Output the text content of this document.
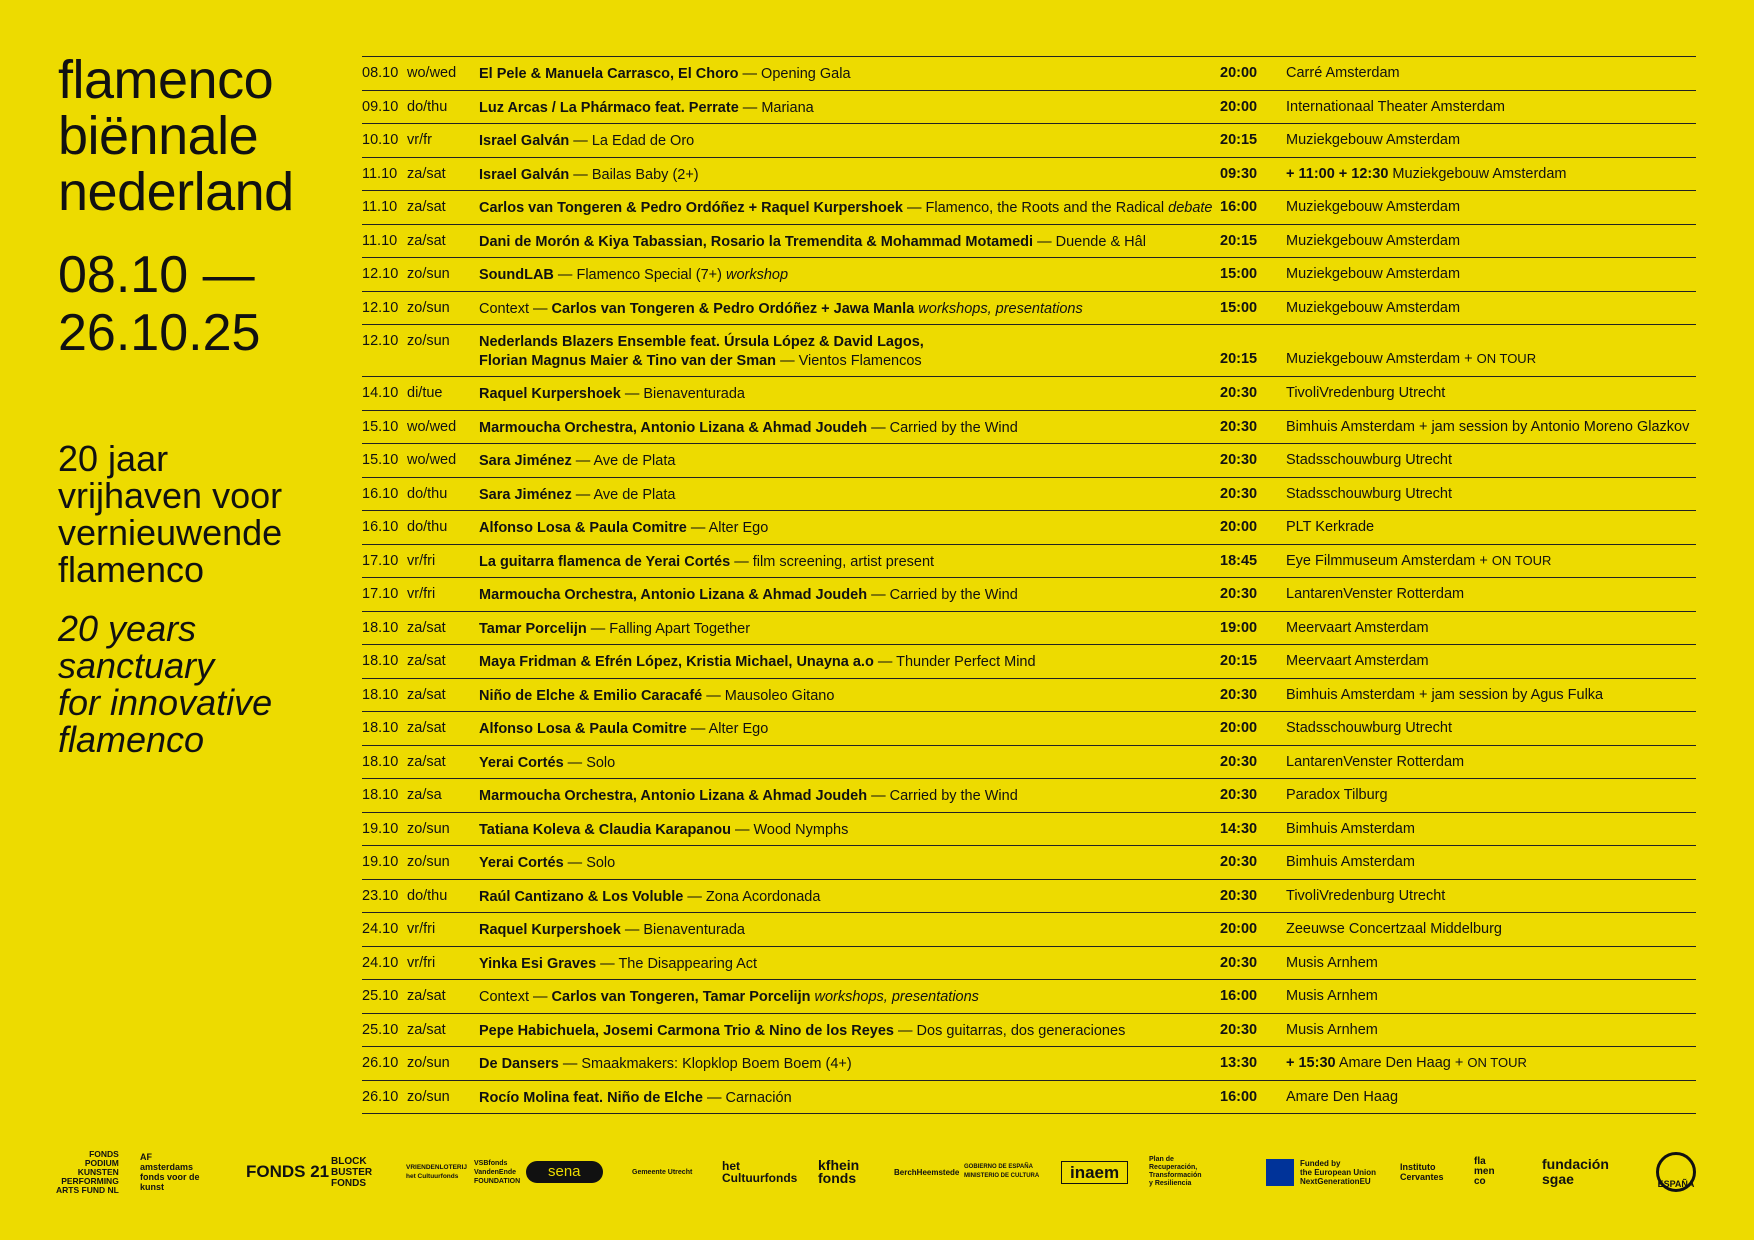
flamenco
biënnale
nederland
08.10 —
26.10.25
20 jaar
vrijhaven voor
vernieuwende
flamenco
20 years
sanctuary
for innovative
flamenco
08.10 wo/wed El Pele & Manuela Carrasco, El Choro — Opening Gala	20:00 Carré Amsterdam
09.10 do/thu Luz Arcas / La Phármaco feat. Perrate — Mariana	20:00 Internationaal Theater Amsterdam
10.10 vr/fr	Israel Galván — La Edad de Oro	20:15 Muziekgebouw Amsterdam
11.10 za/sat Israel Galván — Bailas Baby (2+)	09:30 + 11:00 + 12:30 Muziekgebouw Amsterdam
11.10 za/sat Carlos van Tongeren & Pedro Ordóñez + Raquel Kurpershoek — Flamenco, the Roots and the Radical debate 16:00 Muziekgebouw Amsterdam
11.10 za/sat Dani de Morón & Kiya Tabassian, Rosario la Tremendita & Mohammad Motamedi — Duende & Hâl	20:15 Muziekgebouw Amsterdam
12.10 zo/sun SoundLAB — Flamenco Special (7+) workshop	15:00 Muziekgebouw Amsterdam
12.10 zo/sun Context — Carlos van Tongeren & Pedro Ordóñez + Jawa Manla workshops, presentations	15:00 Muziekgebouw Amsterdam
12.10 zo/sun Nederlands Blazers Ensemble feat. Úrsula López & David Lagos,
Florian Magnus Maier & Tino van der Sman — Vientos Flamencos	20:15 Muziekgebouw Amsterdam + ON TOUR
14.10 di/tue	Raquel Kurpershoek — Bienaventurada	20:30 TivoliVredenburg Utrecht
15.10 wo/wed Marmoucha Orchestra, Antonio Lizana & Ahmad Joudeh — Carried by the Wind	20:30 Bimhuis Amsterdam + jam session by Antonio Moreno Glazkov
15.10 wo/wed Sara Jiménez — Ave de Plata	20:30 Stadsschouwburg Utrecht
16.10 do/thu Sara Jiménez — Ave de Plata	20:30 Stadsschouwburg Utrecht
16.10 do/thu Alfonso Losa & Paula Comitre — Alter Ego	20:00 PLT Kerkrade
17.10 vr/fri	La guitarra flamenca de Yerai Cortés — film screening, artist present	18:45 Eye Filmmuseum Amsterdam + ON TOUR
17.10 vr/fri	Marmoucha Orchestra, Antonio Lizana & Ahmad Joudeh — Carried by the Wind	20:30 LantarenVenster Rotterdam
18.10 za/sat Tamar Porcelijn — Falling Apart Together	19:00 Meervaart Amsterdam
18.10 za/sat Maya Fridman & Efrén López, Kristia Michael, Unayna a.o — Thunder Perfect Mind	20:15 Meervaart Amsterdam
18.10 za/sat Niño de Elche & Emilio Caracafé — Mausoleo Gitano	20:30 Bimhuis Amsterdam + jam session by Agus Fulka
18.10 za/sat Alfonso Losa & Paula Comitre — Alter Ego	20:00 Stadsschouwburg Utrecht
18.10 za/sat Yerai Cortés — Solo	20:30 LantarenVenster Rotterdam
18.10 za/sa	Marmoucha Orchestra, Antonio Lizana & Ahmad Joudeh — Carried by the Wind	20:30 Paradox Tilburg
19.10 zo/sun Tatiana Koleva & Claudia Karapanou — Wood Nymphs	14:30 Bimhuis Amsterdam
19.10 zo/sun Yerai Cortés — Solo	20:30 Bimhuis Amsterdam
23.10 do/thu Raúl Cantizano & Los Voluble — Zona Acordonada	20:30 TivoliVredenburg Utrecht
24.10 vr/fri	Raquel Kurpershoek — Bienaventurada	20:00 Zeeuwse Concertzaal Middelburg
24.10 vr/fri	Yinka Esi Graves — The Disappearing Act	20:30 Musis Arnhem
25.10 za/sat Context — Carlos van Tongeren, Tamar Porcelijn workshops, presentations	16:00 Musis Arnhem
25.10 za/sat Pepe Habichuela, Josemi Carmona Trio & Nino de los Reyes — Dos guitarras, dos generaciones	20:30 Musis Arnhem
26.10 zo/sun De Dansers — Smaakmakers: Klopklop Boem Boem (4+)	13:30 + 15:30 Amare Den Haag + ON TOUR
26.10 zo/sun Rocío Molina feat. Niño de Elche — Carnación	16:00 Amare Den Haag
FONDS
PODIUM
KUNSTEN
PERFORMING
ARTS FUND NL
AF
amsterdams
fonds voor de
kunst
FONDS 21
BLOCK
BUSTER
FONDS
VRIENDENLOTERIJ
het Cultuurfonds
VSBfonds
VandenEnde
FOUNDATION
sena	Gemeente Utrecht het
Cultuurfonds
kfhein
fonds	BerchHeemstede
GOBIERNO DE ESPAÑA
MINISTERIO DE CULTURA inaem
Plan de
Recuperación,
Transformación
y Resiliencia
Funded by
the European Union
NextGenerationEU
Instituto
Cervantes
fla
men
co
fundación
sgae	ESPAÑA
